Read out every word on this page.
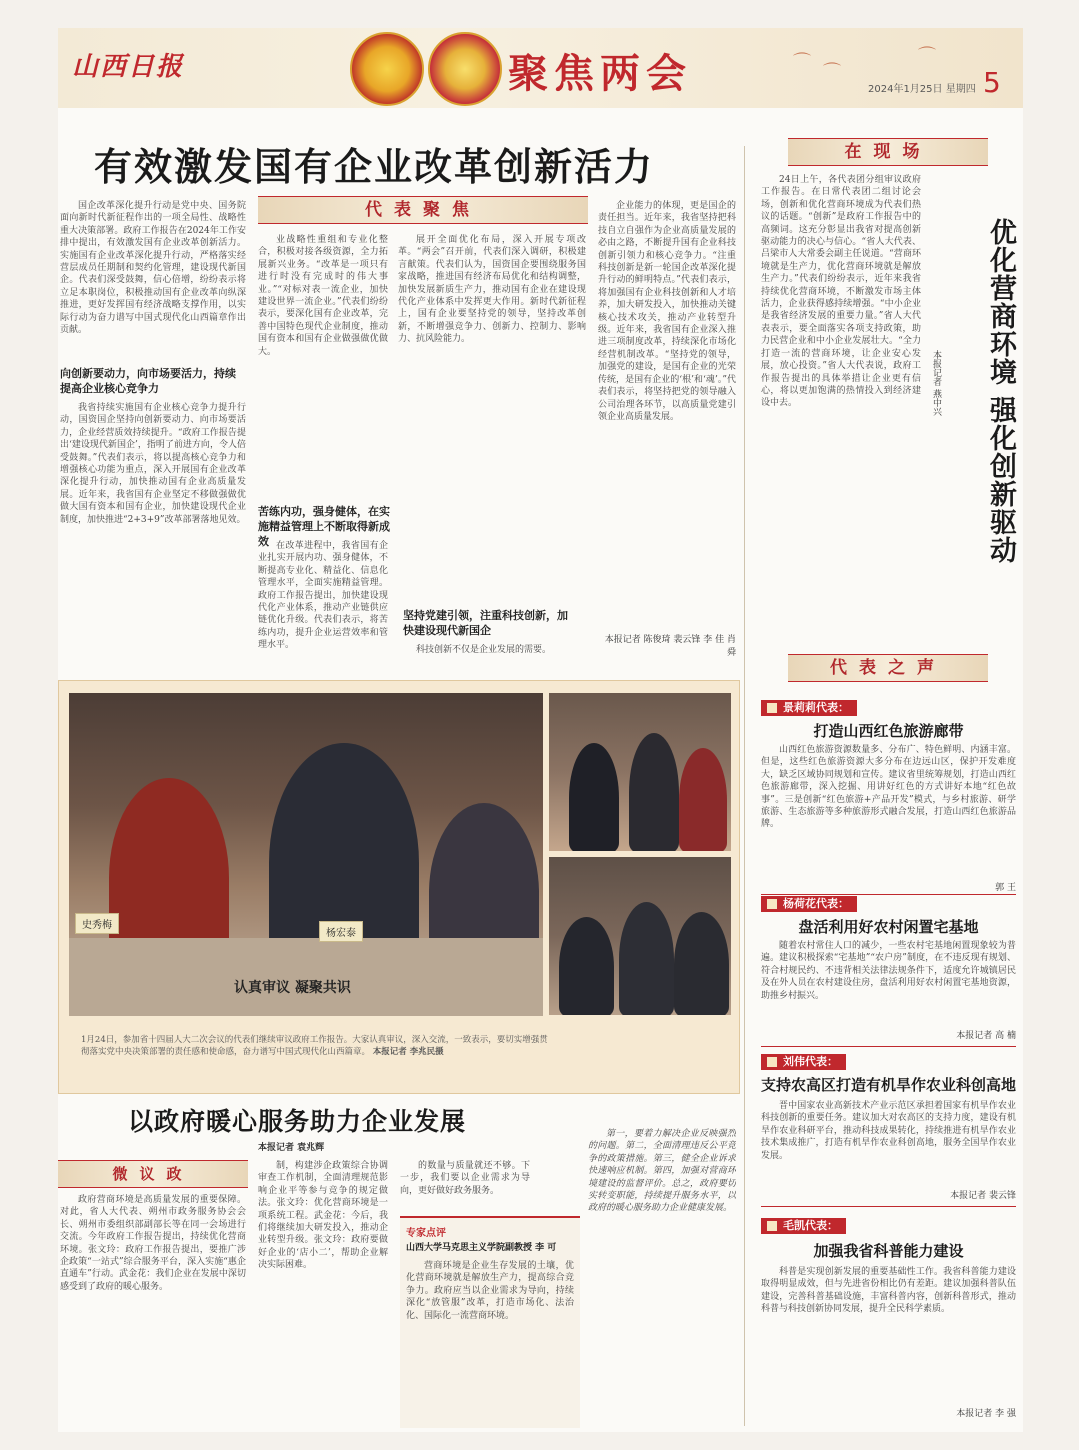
山西日报	聚焦两会	⌒ ⌒
⌒
2024年1月25日 星期四 5
有效激发国有企业改革创新活力

国企改革深化提升行动是党中央、国务院面向新时代新征程作出的一项全局性、战略性重大决策部署。政府工作报告在2024年工作安排中提出，有效激发国有企业改革创新活力。实施国有企业改革深化提升行动，严格落实经营层成员任期制和契约化管理，建设现代新国企。代表们深受鼓舞，信心倍增，纷纷表示将立足本职岗位，积极推动国有企业改革向纵深推进，更好发挥国有经济战略支撑作用，以实际行动为奋力谱写中国式现代化山西篇章作出贡献。

向创新要动力，向市场要活力，持续提高企业核心竞争力

我省持续实施国有企业核心竞争力提升行动，国资国企坚持向创新要动力、向市场要活力，企业经营质效持续提升。“政府工作报告提出‘建设现代新国企’，指明了前进方向，令人倍受鼓舞。”代表们表示，将以提高核心竞争力和增强核心功能为重点，深入开展国有企业改革深化提升行动，加快推动国有企业高质量发展。近年来，我省国有企业坚定不移做强做优做大国有资本和国有企业，加快建设现代企业制度，加快推进“2+3+9”改革部署落地见效。

代表聚焦

业战略性重组和专业化整合，积极对接各级资源，全力拓展新兴业务。“改革是一项只有进行时没有完成时的伟大事业。”“对标对表一流企业，加快建设世界一流企业。”代表们纷纷表示，要深化国有企业改革，完善中国特色现代企业制度，推动国有资本和国有企业做强做优做大。

苦练内功，强身健体，在实施精益管理上不断取得新成效 在改革进程中，我省国有企业扎实开展内功、强身健体，不断提高专业化、精益化、信息化管理水平，全面实施精益管理。政府工作报告提出，加快建设现代化产业体系，推动产业链供应链优化升级。代表们表示，将苦练内功，提升企业运营效率和管理水平。

展开全面优化布局，深入开展专项改革。“两会”召开前，代表们深入调研，积极建言献策。代表们认为，国资国企要围绕服务国家战略，推进国有经济布局优化和结构调整，加快发展新质生产力，推动国有企业在建设现代化产业体系中发挥更大作用。新时代新征程上，国有企业要坚持党的领导，坚持改革创新，不断增强竞争力、创新力、控制力、影响力、抗风险能力。

坚持党建引领，注重科技创新，加快建设现代新国企

科技创新不仅是企业发展的需要。

企业能力的体现，更是国企的责任担当。近年来，我省坚持把科技自立自强作为企业高质量发展的必由之路，不断提升国有企业科技创新引领力和核心竞争力。“注重科技创新是新一轮国企改革深化提升行动的鲜明特点。”代表们表示，将加强国有企业科技创新和人才培养，加大研发投入，加快推动关键核心技术攻关，推动产业转型升级。近年来，我省国有企业深入推进三项制度改革，持续深化市场化经营机制改革。“坚持党的领导，加强党的建设，是国有企业的光荣传统，是国有企业的‘根’和‘魂’。”代表们表示，将坚持把党的领导融入公司治理各环节，以高质量党建引领企业高质量发展。

本报记者 陈俊琦 裴云锋 李 佳 肖 舜
在现场

24日上午，各代表团分组审议政府工作报告。在日常代表团二组讨论会场，创新和优化营商环境成为代表们热议的话题。“创新”是政府工作报告中的高频词。这充分彰显出我省对提高创新驱动能力的决心与信心。“省人大代表、吕梁市人大常委会副主任说道。“营商环境就是生产力，优化营商环境就是解放生产力。”代表们纷纷表示，近年来我省持续优化营商环境，不断激发市场主体活力，企业获得感持续增强。“中小企业是我省经济发展的重要力量。”省人大代表表示，要全面落实各项支持政策，助力民营企业和中小企业发展壮大。“全力打造一流的营商环境，让企业安心发展，放心投资。”省人大代表说，政府工作报告提出的具体举措让企业更有信心，将以更加饱满的热情投入到经济建设中去。	优化营商环境 强化创新驱动
本报记者 燕中兴
史秀梅
杨宏泰
认真审议 凝聚共识
1月24日，参加省十四届人大二次会议的代表们继续审议政府工作报告。大家认真审议，深入交流，一致表示，要切实增强贯彻落实党中央决策部署的责任感和使命感，奋力谱写中国式现代化山西篇章。 本报记者 李兆民摄
代表之声
景莉莉代表：
打造山西红色旅游廊带

山西红色旅游资源数量多、分布广、特色鲜明、内涵丰富。但是，这些红色旅游资源大多分布在边远山区，保护开发难度大，缺乏区域协同规划和宣传。建议省里统筹规划，打造山西红色旅游廊带，深入挖掘、用讲好红色的方式讲好本地“红色故事”。三是创新“红色旅游+产品开发”模式，与乡村旅游、研学旅游、生态旅游等多种旅游形式融合发展，打造山西红色旅游品牌。

郭 王
杨荷花代表：
盘活利用好农村闲置宅基地

随着农村常住人口的减少，一些农村宅基地闲置现象较为普遍。建议积极探索“宅基地”“农户房”制度，在不违反现有规划、符合村规民约、不违背相关法律法规条件下，适度允许城镇居民及在外人员在农村建设住房，盘活利用好农村闲置宅基地资源，助推乡村振兴。

本报记者 高 楠
刘伟代表：
支持农高区打造有机旱作农业科创高地

晋中国家农业高新技术产业示范区承担着国家有机旱作农业科技创新的重要任务。建议加大对农高区的支持力度，建设有机旱作农业科研平台，推动科技成果转化，持续推进有机旱作农业技术集成推广，打造有机旱作农业科创高地，服务全国旱作农业发展。

本报记者 裴云锋
毛凯代表：
加强我省科普能力建设

科普是实现创新发展的重要基础性工作。我省科普能力建设取得明显成效，但与先进省份相比仍有差距。建议加强科普队伍建设，完善科普基础设施，丰富科普内容，创新科普形式，推动科普与科技创新协同发展，提升全民科学素质。

本报记者 李 强
以政府暖心服务助力企业发展
本报记者 袁兆辉
微议政

政府营商环境是高质量发展的重要保障。对此，省人大代表、朔州市政务服务协会会长、朔州市委组织部副部长等在同一会场进行交流。今年政府工作报告提出，持续优化营商环境。张文玲：政府工作报告提出，要推广涉企政策“一站式”综合服务平台，深入实施“惠企直通车”行动。武金花：我们企业在发展中深切感受到了政府的暖心服务。

制，构建涉企政策综合协调审查工作机制，全面清理规范影响企业平等参与竞争的规定做法。张文玲：优化营商环境是一项系统工程。武金花：今后，我们将继续加大研发投入，推动企业转型升级。张文玲：政府要做好企业的‘店小二’，帮助企业解决实际困难。

的数量与质量就还不够。下一步，我们要以企业需求为导向，更好做好政务服务。

专家点评
山西大学马克思主义学院副教授 李 可

营商环境是企业生存发展的土壤，优化营商环境就是解放生产力，提高综合竞争力。政府应当以企业需求为导向，持续深化“放管服”改革，打造市场化、法治化、国际化一流营商环境。

第一，要着力解决企业反映强烈的问题。第二，全面清理违反公平竞争的政策措施。第三，健全企业诉求快速响应机制。第四，加强对营商环境建设的监督评价。总之，政府要切实转变职能，持续提升服务水平，以政府的暖心服务助力企业健康发展。
